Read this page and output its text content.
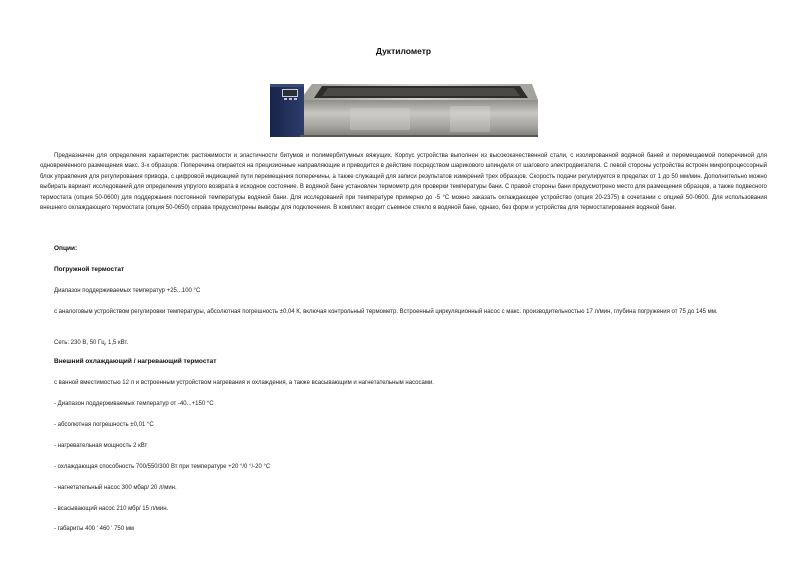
Дуктилометр

Предназначен для определения характеристик растяжимости и эластичности битумов и полимербитумных вяжущих. Корпус устройства выполнен из высококачественной стали, с изолированной водяной баней и перемещаемой поперечиной для одновременного размещения макс. 3-х образцов. Поперечина опирается на прецизионные направляющие и приводится в действие посредством шарикового шпинделя от шагового электродвигателя. С левой стороны устройства встроен микропроцессорный блок управления для регулирования привода, с цифровой индикацией пути перемещения поперечины, а также служащий для записи результатов измерений трех образцов. Скорость подачи регулируется в пределах от 1 до 50 мм/мин. Дополнительно можно выбирать вариант исследований для определения упругого возврата в исходное состояние. В водяной бане установлен термометр для проверки температуры бани. С правой стороны бани предусмотрено место для размещения образцов, а также подвесного термостата (опция 50-0600) для поддержания постоянной температуры водяной бани. Для исследований при температуре примерно до -5 °С можно заказать охлаждающее устройство (опция 20-2375) в сочетании с опцией 50-0600. Для использования внешнего охлаждающего термостата (опция 50-0650) справа предусмотрены выводы для подключения. В комплект входит съемное стекло в водяной бане, однако, без форм и устройства для термостатирования водяной бани.

Опции:
Погружной термостат
Диапазон поддерживаемых температур +25...100 °С
с аналоговым устройством регулировки температуры, абсолютная погрешность ±0,04 К, включая контрольный термометр. Встроенный циркуляционный насос с макс. производительностью 17 л/мин, глубина погружения от 75 до 145 мм.
Сеть: 230 В, 50 Гц, 1,5 кВт.
Внешний охлаждающий / нагревающий термостат
с ванной вместимостью 12 л и встроенным устройством нагревания и охлаждения, а также всасывающим и нагнетательным насосами.
- Диапазон поддерживаемых температур от -40...+150 °С
- абсолютная погрешность ±0,01 °С
- нагревательная мощность 2 кВт
- охлаждающая способность 700/550/300 Вт при температуре +20 °/0 °/-20 °С
- нагнетательный насос 300 мбар/ 20 л/мин.
- всасывающий насос 210 мбр/ 15 л/мин.
- габариты 400 ' 460 ' 750 мм
